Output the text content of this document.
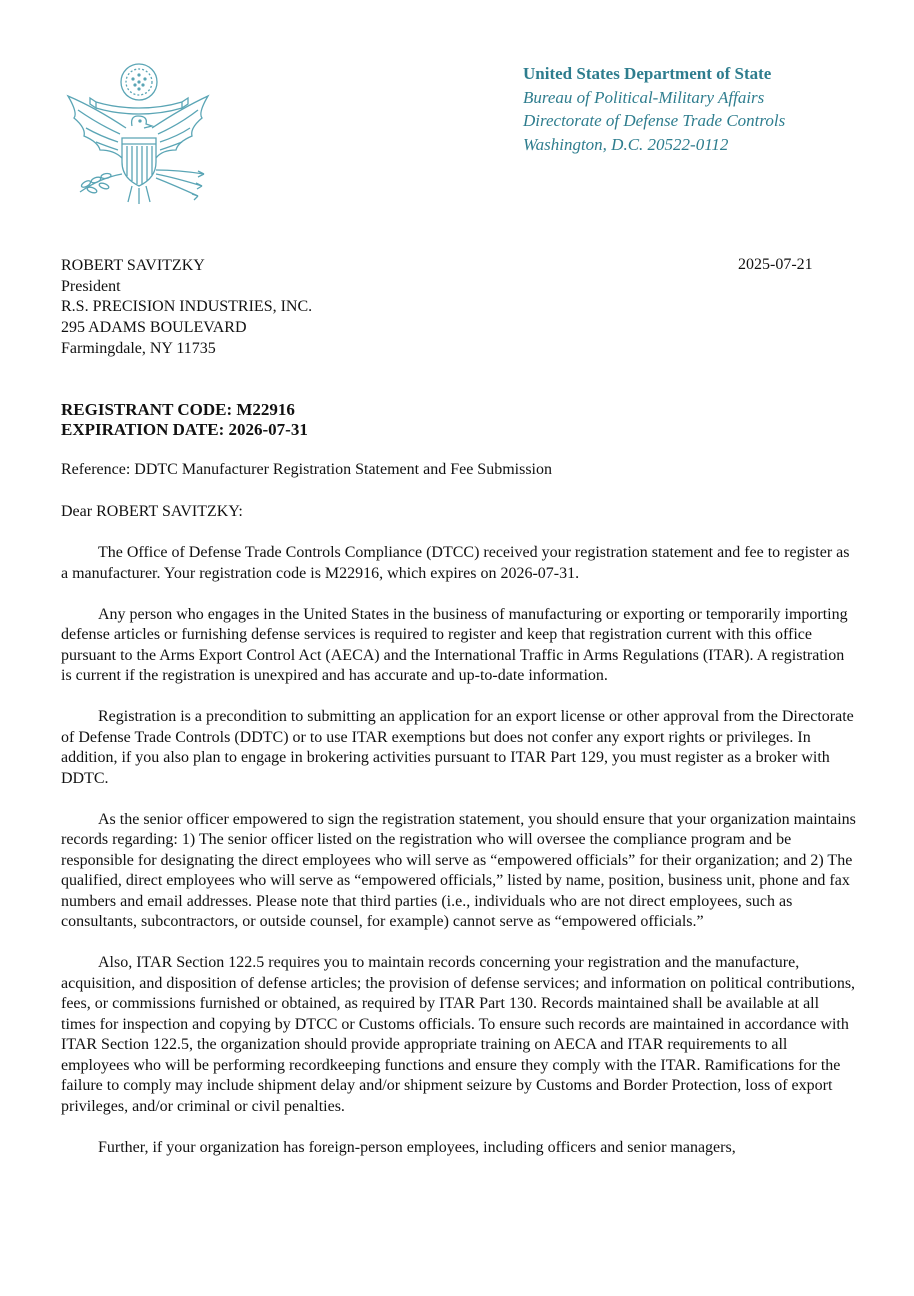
United States Department of State
Bureau of Political-Military Affairs
Directorate of Defense Trade Controls
Washington, D.C. 20522-0112
ROBERT SAVITZKY
President
R.S. PRECISION INDUSTRIES, INC.
295 ADAMS BOULEVARD
Farmingdale, NY 11735
2025-07-21
REGISTRANT CODE: M22916
EXPIRATION DATE: 2026-07-31
Reference: DDTC Manufacturer Registration Statement and Fee Submission
Dear ROBERT SAVITZKY:

The Office of Defense Trade Controls Compliance (DTCC) received your registration statement and fee to register as a manufacturer. Your registration code is M22916, which expires on 2026-07-31.

Any person who engages in the United States in the business of manufacturing or exporting or temporarily importing defense articles or furnishing defense services is required to register and keep that registration current with this office pursuant to the Arms Export Control Act (AECA) and the International Traffic in Arms Regulations (ITAR). A registration is current if the registration is unexpired and has accurate and up-to-date information.

Registration is a precondition to submitting an application for an export license or other approval from the Directorate of Defense Trade Controls (DDTC) or to use ITAR exemptions but does not confer any export rights or privileges. In addition, if you also plan to engage in brokering activities pursuant to ITAR Part 129, you must register as a broker with DDTC.

As the senior officer empowered to sign the registration statement, you should ensure that your organization maintains records regarding: 1) The senior officer listed on the registration who will oversee the compliance program and be responsible for designating the direct employees who will serve as “empowered officials” for their organization; and 2) The qualified, direct employees who will serve as “empowered officials,” listed by name, position, business unit, phone and fax numbers and email addresses. Please note that third parties (i.e., individuals who are not direct employees, such as consultants, subcontractors, or outside counsel, for example) cannot serve as “empowered officials.”

Also, ITAR Section 122.5 requires you to maintain records concerning your registration and the manufacture, acquisition, and disposition of defense articles; the provision of defense services; and information on political contributions, fees, or commissions furnished or obtained, as required by ITAR Part 130. Records maintained shall be available at all times for inspection and copying by DTCC or Customs officials. To ensure such records are maintained in accordance with ITAR Section 122.5, the organization should provide appropriate training on AECA and ITAR requirements to all employees who will be performing recordkeeping functions and ensure they comply with the ITAR. Ramifications for the failure to comply may include shipment delay and/or shipment seizure by Customs and Border Protection, loss of export privileges, and/or criminal or civil penalties.

Further, if your organization has foreign-person employees, including officers and senior managers,
